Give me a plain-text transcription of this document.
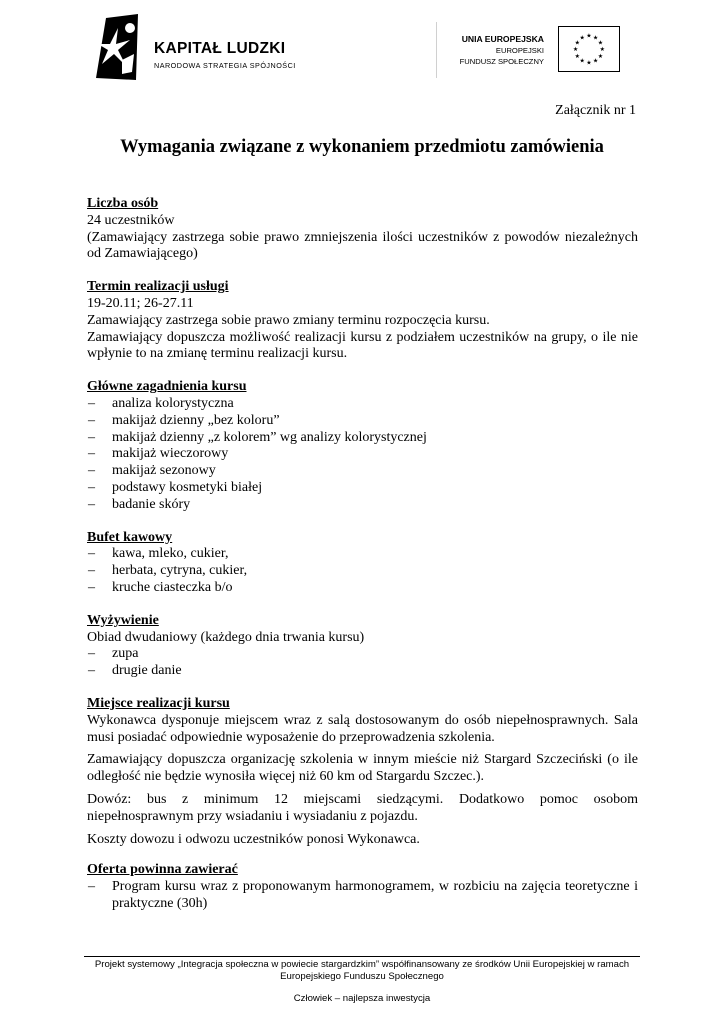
KAPITAŁ LUDZKI
NARODOWA STRATEGIA SPÓJNOŚCI
UNIA EUROPEJSKA
EUROPEJSKI
FUNDUSZ SPOŁECZNY
★ ★
★
★
★
★
★
★
★
★
★
★
Załącznik nr 1
Wymagania związane z wykonaniem przedmiotu zamówienia
Liczba osób
24 uczestników
(Zamawiający zastrzega sobie prawo zmniejszenia ilości uczestników z powodów niezależnych od Zamawiającego)
Termin realizacji usługi
19-20.11; 26-27.11
Zamawiający zastrzega sobie prawo zmiany terminu rozpoczęcia kursu.
Zamawiający dopuszcza możliwość realizacji kursu z podziałem uczestników na grupy, o ile nie wpłynie to na zmianę terminu realizacji kursu.
Główne zagadnienia kursu
– analiza kolorystyczna
– makijaż dzienny „bez koloru”
– makijaż dzienny „z kolorem” wg analizy kolorystycznej
– makijaż wieczorowy
– makijaż sezonowy
– podstawy kosmetyki białej
– badanie skóry
Bufet kawowy
– kawa, mleko, cukier,
– herbata, cytryna, cukier,
– kruche ciasteczka b/o
Wyżywienie
Obiad dwudaniowy (każdego dnia trwania kursu)
– zupa
– drugie danie
Miejsce realizacji kursu
Wykonawca dysponuje miejscem wraz z salą dostosowanym do osób niepełnosprawnych. Sala musi posiadać odpowiednie wyposażenie do przeprowadzenia szkolenia.
Zamawiający dopuszcza organizację szkolenia w innym mieście niż Stargard Szczeciński (o ile odległość nie będzie wynosiła więcej niż 60 km od Stargardu Szczec.).
Dowóz: bus z minimum 12 miejscami siedzącymi. Dodatkowo pomoc osobom niepełnosprawnym przy wsiadaniu i wysiadaniu z pojazdu.
Koszty dowozu i odwozu uczestników ponosi Wykonawca.
Oferta powinna zawierać
– Program kursu wraz z proponowanym harmonogramem, w rozbiciu na zajęcia teoretyczne i praktyczne (30h)
Projekt systemowy „Integracja społeczna w powiecie stargardzkim” współfinansowany ze środków Unii Europejskiej w ramach Europejskiego Funduszu Społecznego
Człowiek – najlepsza inwestycja
